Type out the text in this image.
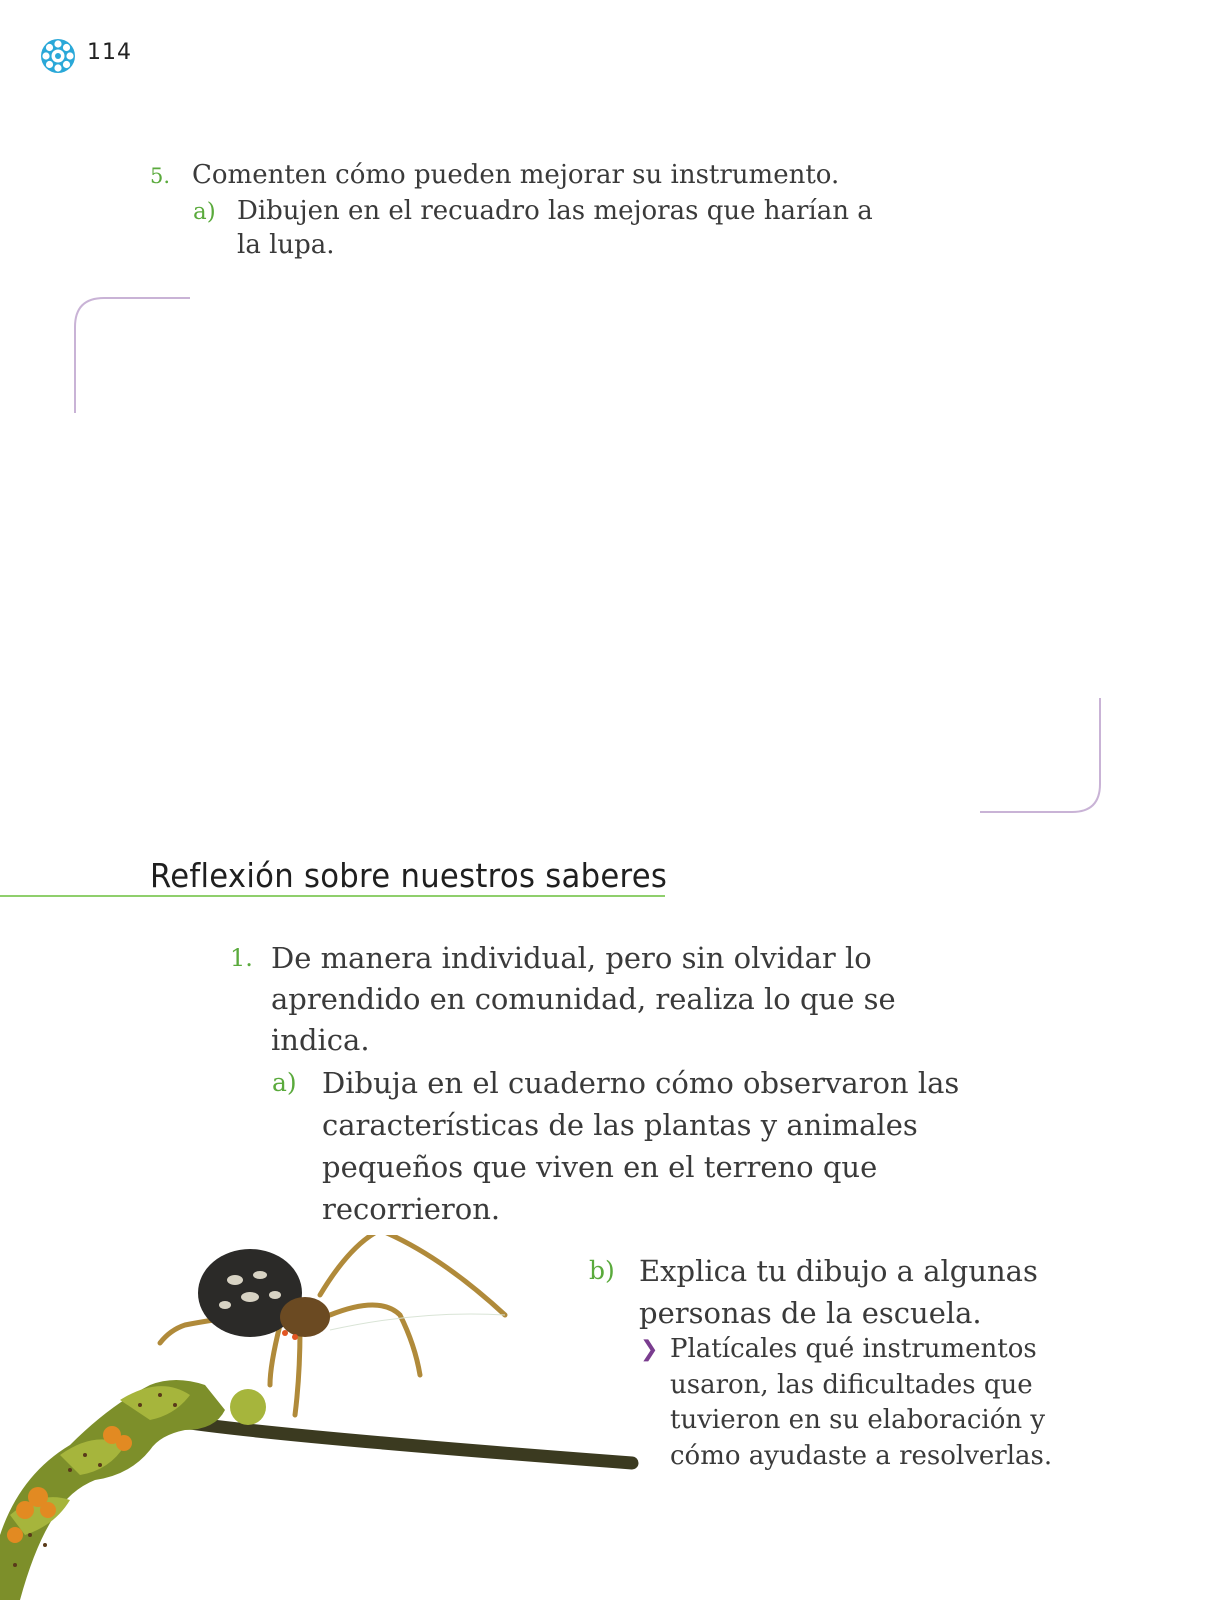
114
5. Comenten cómo pueden mejorar su instrumento.
a) Dibujen en el recuadro las mejoras que harían a la lupa.
Reflexión sobre nuestros saberes
1. De manera individual, pero sin olvidar lo aprendido en comunidad, realiza lo que se indica.
a) Dibuja en el cuaderno cómo observaron las características de las plantas y animales pequeños que viven en el terreno que recorrieron.
b) Explica tu dibujo a algunas personas de la escuela.
❯ Platícales qué instrumentos usaron, las dificultades que tuvieron en su elaboración y cómo ayudaste a resolverlas.
